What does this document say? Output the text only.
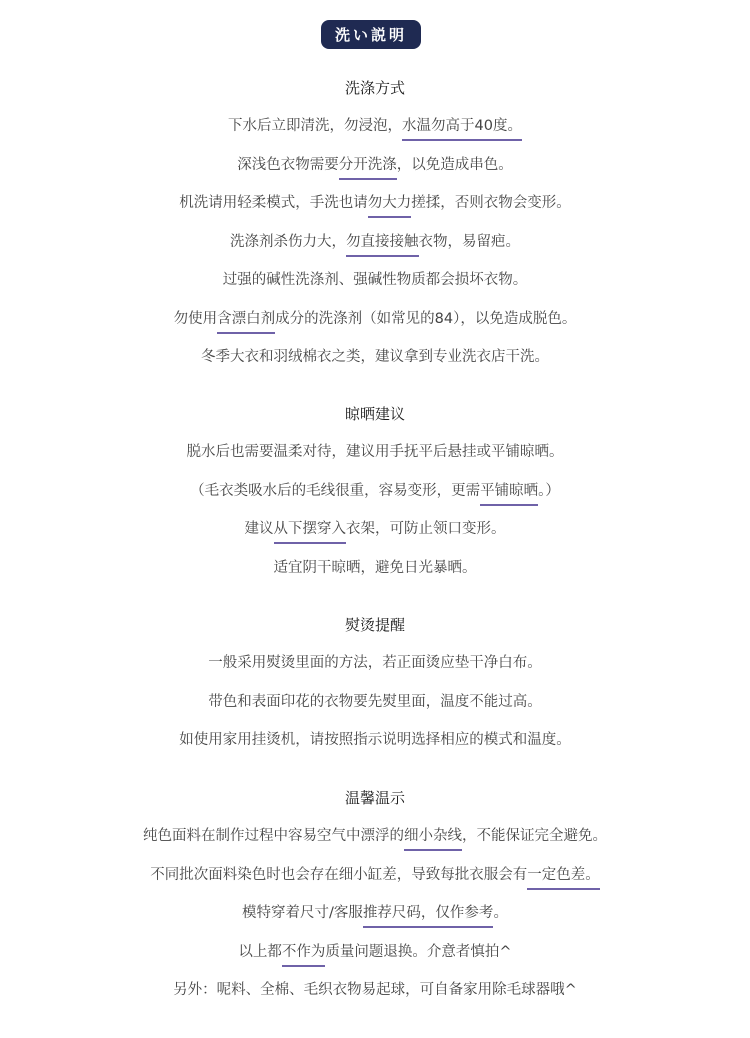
洗い説明
洗涤方式
下水后立即清洗，勿浸泡，水温勿高于40度。
深浅色衣物需要分开洗涤，以免造成串色。
机洗请用轻柔模式，手洗也请勿大力搓揉，否则衣物会变形。
洗涤剂杀伤力大，勿直接接触衣物，易留疤。
过强的碱性洗涤剂、强碱性物质都会损坏衣物。
勿使用含漂白剂成分的洗涤剂（如常见的84），以免造成脱色。
冬季大衣和羽绒棉衣之类，建议拿到专业洗衣店干洗。
晾晒建议
脱水后也需要温柔对待，建议用手抚平后悬挂或平铺晾晒。
（毛衣类吸水后的毛线很重，容易变形，更需平铺晾晒。）
建议从下摆穿入衣架，可防止领口变形。
适宜阴干晾晒，避免日光暴晒。
熨烫提醒
一般采用熨烫里面的方法，若正面烫应垫干净白布。
带色和表面印花的衣物要先熨里面，温度不能过高。
如使用家用挂烫机，请按照指示说明选择相应的模式和温度。
温馨温示
纯色面料在制作过程中容易空气中漂浮的细小杂线，不能保证完全避免。
不同批次面料染色时也会存在细小缸差，导致每批衣服会有一定色差。
模特穿着尺寸/客服推荐尺码，仅作参考。
以上都不作为质量问题退换。介意者慎拍^
另外：呢料、全棉、毛织衣物易起球，可自备家用除毛球器哦^
